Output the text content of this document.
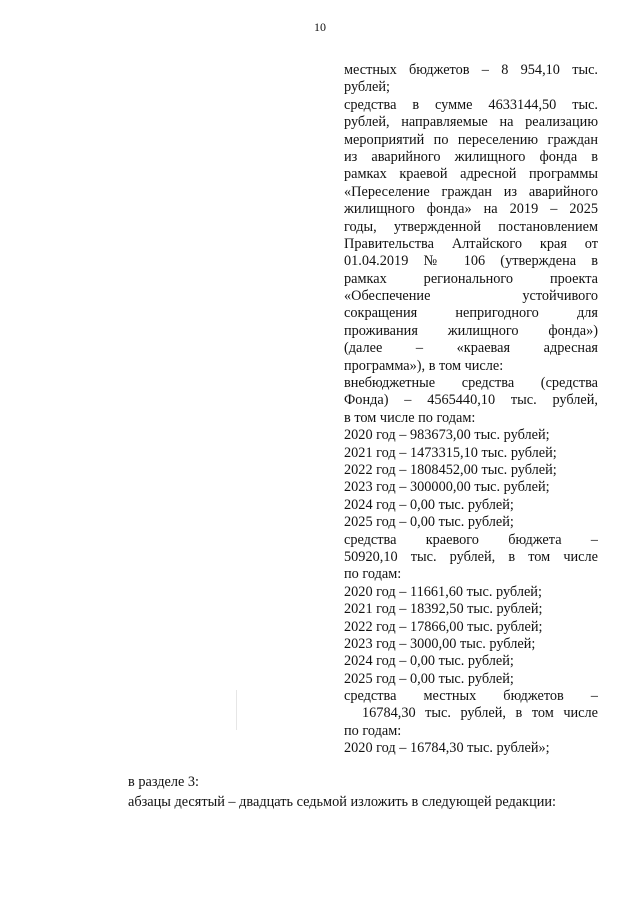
10
местных бюджетов – 8 954,10 тыс.
рублей;
средства в сумме 4633144,50 тыс.
рублей, направляемые на реализацию
мероприятий по переселению граждан
из аварийного жилищного фонда в
рамках краевой адресной программы
«Переселение граждан из аварийного
жилищного фонда» на 2019 – 2025
годы, утвержденной постановлением
Правительства Алтайского края от
01.04.2019 № 106 (утверждена в
рамках регионального проекта
«Обеспечение устойчивого
сокращения непригодного для
проживания жилищного фонда»)
(далее – «краевая адресная
программа»), в том числе:
внебюджетные средства (средства
Фонда) – 4565440,10 тыс. рублей,
в том числе по годам:
2020 год – 983673,00 тыс. рублей;
2021 год – 1473315,10 тыс. рублей;
2022 год – 1808452,00 тыс. рублей;
2023 год – 300000,00 тыс. рублей;
2024 год – 0,00 тыс. рублей;
2025 год – 0,00 тыс. рублей;
средства краевого бюджета –
50920,10 тыс. рублей, в том числе
по годам:
2020 год – 11661,60 тыс. рублей;
2021 год – 18392,50 тыс. рублей;
2022 год – 17866,00 тыс. рублей;
2023 год – 3000,00 тыс. рублей;
2024 год – 0,00 тыс. рублей;
2025 год – 0,00 тыс. рублей;
средства местных бюджетов –
16784,30 тыс. рублей, в том числе
по годам:
2020 год – 16784,30 тыс. рублей»;
в разделе 3:
абзацы десятый – двадцать седьмой изложить в следующей редакции:
